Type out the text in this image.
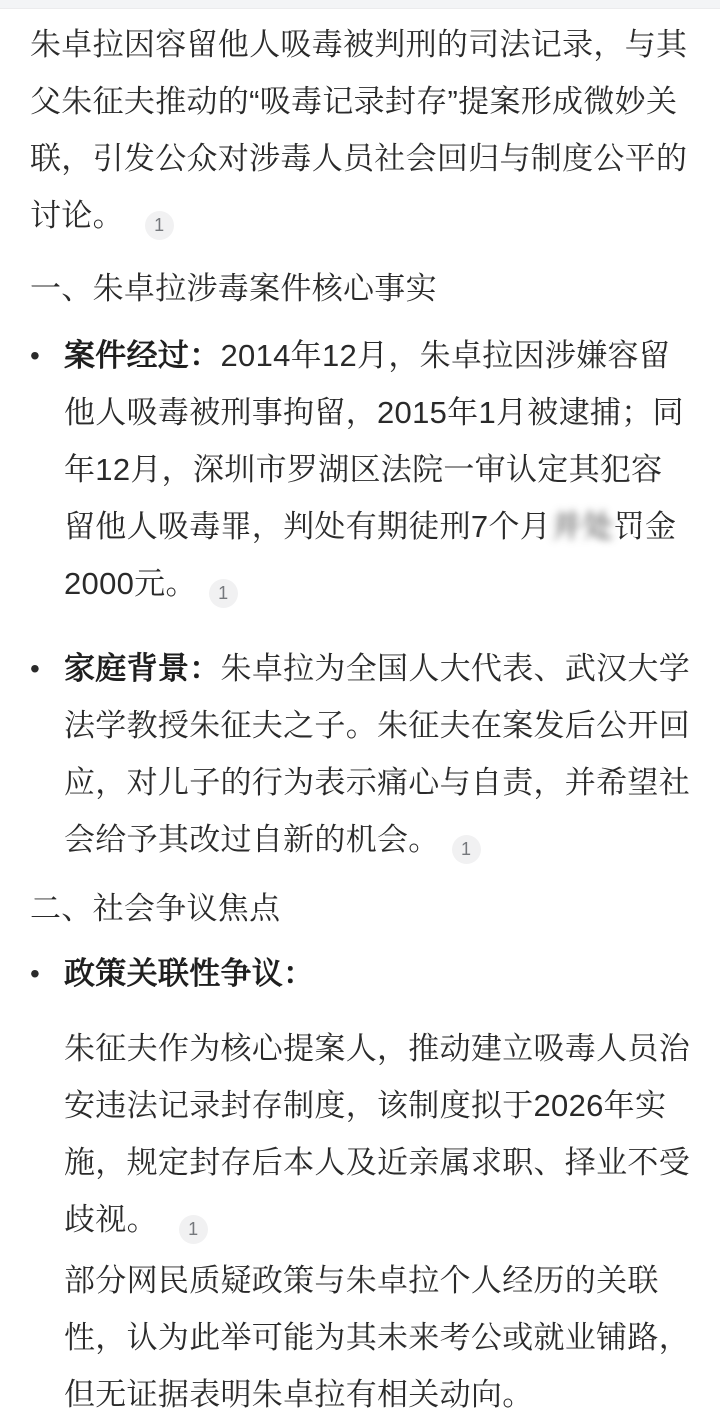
朱卓拉因容留他人吸毒被判刑的司法记录，与其父朱征夫推动的“吸毒记录封存”提案形成微妙关联，引发公众对涉毒人员社会回归与制度公平的讨论。 1

一、朱卓拉涉毒案件核心事实
• 案件经过：2014年12月，朱卓拉因涉嫌容留他人吸毒被刑事拘留，2015年1月被逮捕；同年12月，深圳市罗湖区法院一审认定其犯容留他人吸毒罪，判处有期徒刑7个月并处罚金2000元。 1
• 家庭背景：朱卓拉为全国人大代表、武汉大学法学教授朱征夫之子。朱征夫在案发后公开回应，对儿子的行为表示痛心与自责，并希望社会给予其改过自新的机会。 1
二、社会争议焦点
• 政策关联性争议：

朱征夫作为核心提案人，推动建立吸毒人员治安违法记录封存制度，该制度拟于2026年实施，规定封存后本人及近亲属求职、择业不受歧视。 1

部分网民质疑政策与朱卓拉个人经历的关联性，认为此举可能为其未来考公或就业铺路，但无证据表明朱卓拉有相关动向。
